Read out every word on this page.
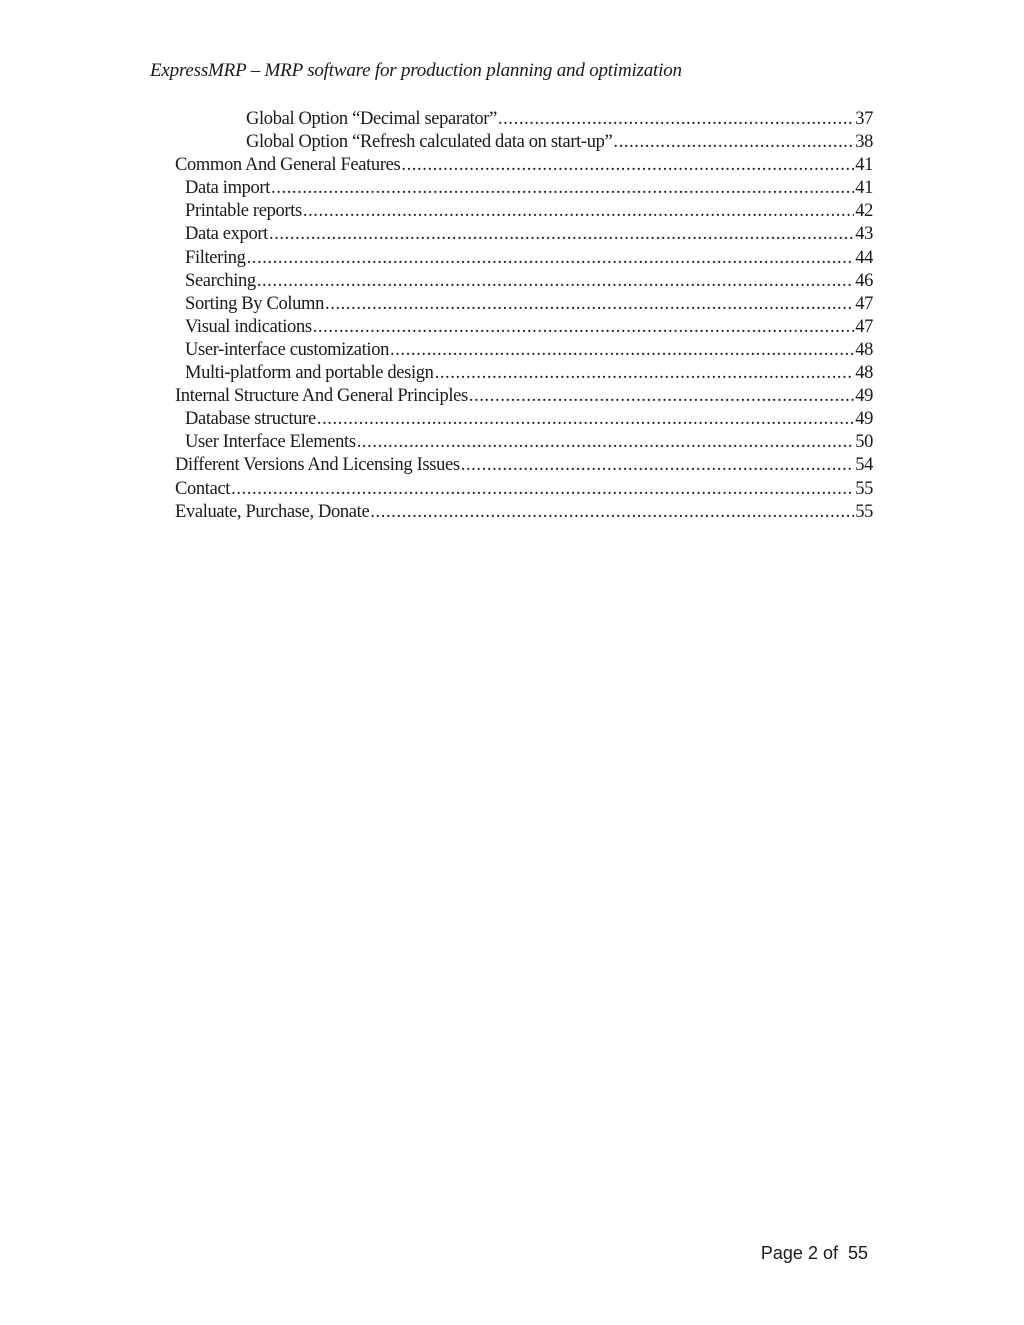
ExpressMRP – MRP software for production planning and optimization
Global Option “Decimal separator” .....	37
Global Option “Refresh calculated data on start-up” .....	38
Common And General Features .....	41
Data import .....	41
Printable reports .....	42
Data export .....	43
Filtering .....	44
Searching .....	46
Sorting By Column .....	47
Visual indications .....	47
User-interface customization .....	48
Multi-platform and portable design .....	48
Internal Structure And General Principles .....	49
Database structure .....	49
User Interface Elements .....	50
Different Versions And Licensing Issues .....	54
Contact .....	55
Evaluate, Purchase, Donate .....	55
Page 2 of  55
